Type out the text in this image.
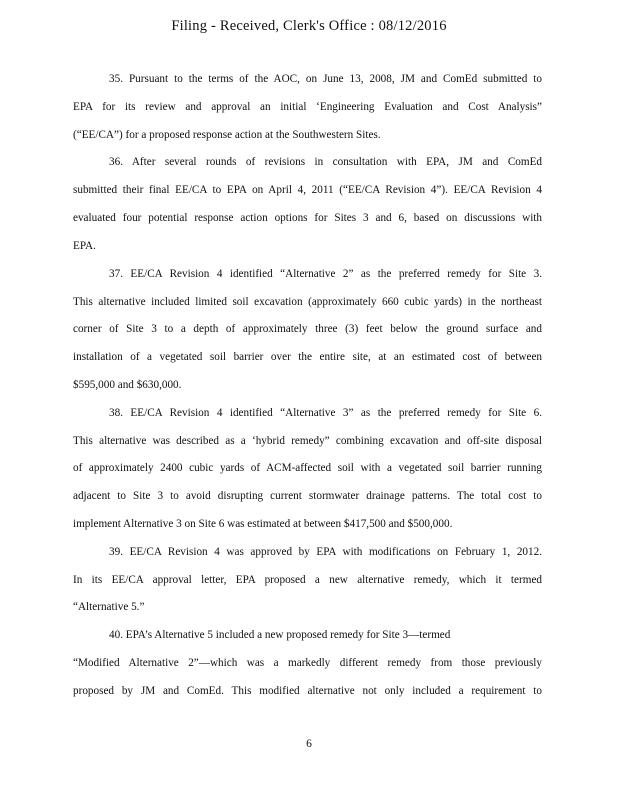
Filing - Received, Clerk's Office : 08/12/2016
35. Pursuant to the terms of the AOC, on June 13, 2008, JM and ComEd submitted to
EPA for its review and approval an initial ‘Engineering Evaluation and Cost Analysis”
(“EE/CA”) for a proposed response action at the Southwestern Sites.
36. After several rounds of revisions in consultation with EPA, JM and ComEd
submitted their final EE/CA to EPA on April 4, 2011 (“EE/CA Revision 4”). EE/CA Revision 4
evaluated four potential response action options for Sites 3 and 6, based on discussions with
EPA.
37. EE/CA Revision 4 identified “Alternative 2” as the preferred remedy for Site 3.
This alternative included limited soil excavation (approximately 660 cubic yards) in the northeast
corner of Site 3 to a depth of approximately three (3) feet below the ground surface and
installation of a vegetated soil barrier over the entire site, at an estimated cost of between
$595,000 and $630,000.
38. EE/CA Revision 4 identified “Alternative 3” as the preferred remedy for Site 6.
This alternative was described as a ‘hybrid remedy” combining excavation and off-site disposal
of approximately 2400 cubic yards of ACM-affected soil with a vegetated soil barrier running
adjacent to Site 3 to avoid disrupting current stormwater drainage patterns. The total cost to
implement Alternative 3 on Site 6 was estimated at between $417,500 and $500,000.
39. EE/CA Revision 4 was approved by EPA with modifications on February 1, 2012.
In its EE/CA approval letter, EPA proposed a new alternative remedy, which it termed
“Alternative 5.”
40. EPA’s Alternative 5 included a new proposed remedy for Site 3—termed
“Modified Alternative 2”—which was a markedly different remedy from those previously
proposed by JM and ComEd. This modified alternative not only included a requirement to
6
